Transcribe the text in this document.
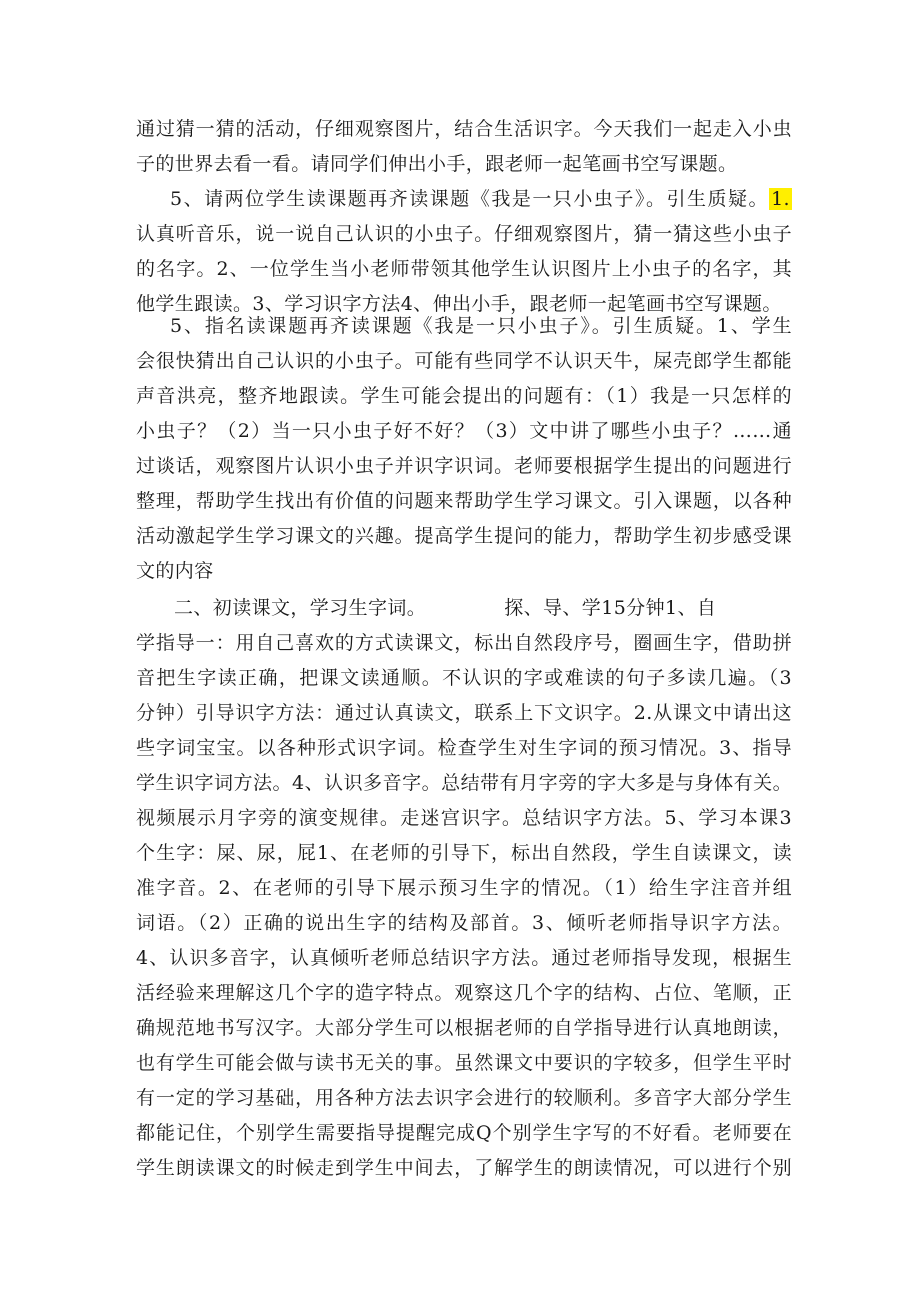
通过猜一猜的活动，仔细观察图片，结合生活识字。今天我们一起走入小虫
子的世界去看一看。请同学们伸出小手，跟老师一起笔画书空写课题。
5、请两位学生读课题再齐读课题《我是一只小虫子》。引生质疑。 1.
认真听音乐，说一说自己认识的小虫子。仔细观察图片，猜一猜这些小虫子
的名字。2、一位学生当小老师带领其他学生认识图片上小虫子的名字，其
他学生跟读。3、学习识字方法4、伸出小手，跟老师一起笔画书空写课题。
5、指名读课题再齐读课题《我是一只小虫子》。引生质疑。1、学生
会很快猜出自己认识的小虫子。可能有些同学不认识天牛，屎壳郎学生都能
声音洪亮，整齐地跟读。学生可能会提出的问题有：（1）我是一只怎样的
小虫子？（2）当一只小虫子好不好？（3）文中讲了哪些小虫子？……通
过谈话，观察图片认识小虫子并识字识词。老师要根据学生提出的问题进行
整理，帮助学生找出有价值的问题来帮助学生学习课文。引入课题，以各种
活动激起学生学习课文的兴趣。提高学生提问的能力，帮助学生初步感受课
文的内容
二、初读课文，学习生字词。	探、导、学15分钟1、自
学指导一：用自己喜欢的方式读课文，标出自然段序号，圈画生字，借助拼
音把生字读正确，把课文读通顺。不认识的字或难读的句子多读几遍。（3
分钟）引导识字方法：通过认真读文，联系上下文识字。2.从课文中请出这
些字词宝宝。以各种形式识字词。检查学生对生字词的预习情况。3、指导
学生识字词方法。4、认识多音字。总结带有月字旁的字大多是与身体有关。
视频展示月字旁的演变规律。走迷宫识字。总结识字方法。5、学习本课3
个生字：屎、尿，屁1、在老师的引导下，标出自然段，学生自读课文，读
准字音。2、在老师的引导下展示预习生字的情况。（1）给生字注音并组
词语。（2）正确的说出生字的结构及部首。3、倾听老师指导识字方法。
4、认识多音字，认真倾听老师总结识字方法。通过老师指导发现，根据生
活经验来理解这几个字的造字特点。观察这几个字的结构、占位、笔顺，正
确规范地书写汉字。大部分学生可以根据老师的自学指导进行认真地朗读，
也有学生可能会做与读书无关的事。虽然课文中要识的字较多，但学生平时
有一定的学习基础，用各种方法去识字会进行的较顺利。多音字大部分学生
都能记住，个别学生需要指导提醒完成Q个别学生字写的不好看。老师要在
学生朗读课文的时候走到学生中间去，了解学生的朗读情况，可以进行个别
